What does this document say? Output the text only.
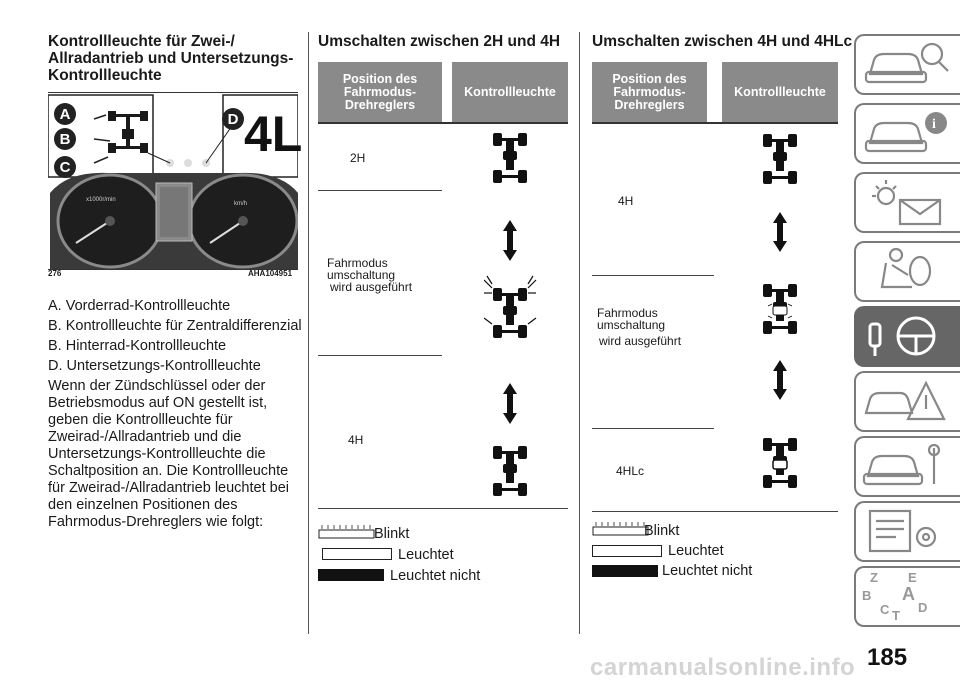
Kontrollleuchte für Zwei-/
Allradantrieb und Untersetzungs-
Kontrollleuchte
A
B
C
D 4L
x1000r/min
km/h
276	AHA104951
A. Vorderrad-Kontrollleuchte
B. Kontrollleuchte für Zentraldifferenzial
B. Hinterrad-Kontrollleuchte
D. Untersetzungs-Kontrollleuchte
Wenn der Zündschlüssel oder der
Betriebsmodus auf ON gestellt ist,
geben die Kontrollleuchte für
Zweirad-/Allradantrieb und die
Untersetzungs-Kontrollleuchte die
Schaltposition an. Die Kontrollleuchte
für Zweirad-/Allradantrieb leuchtet bei
den einzelnen Positionen des
Fahrmodus-Drehreglers wie folgt:
Umschalten zwischen 2H und 4H
Position des
Fahrmodus-
Drehreglers
Kontrollleuchte
2H
Fahrmodus
umschaltung
wird ausgeführt
4H
Blinkt
Leuchtet
Leuchtet nicht
Umschalten zwischen 4H und 4HLc
Position des
Fahrmodus-
Drehreglers
Kontrollleuchte
4H
Fahrmodus
umschaltung
wird ausgeführt
4HLc
Blinkt
Leuchtet
Leuchtet nicht
i
Z E
B A
C T
D
185
carmanualsonline.info
